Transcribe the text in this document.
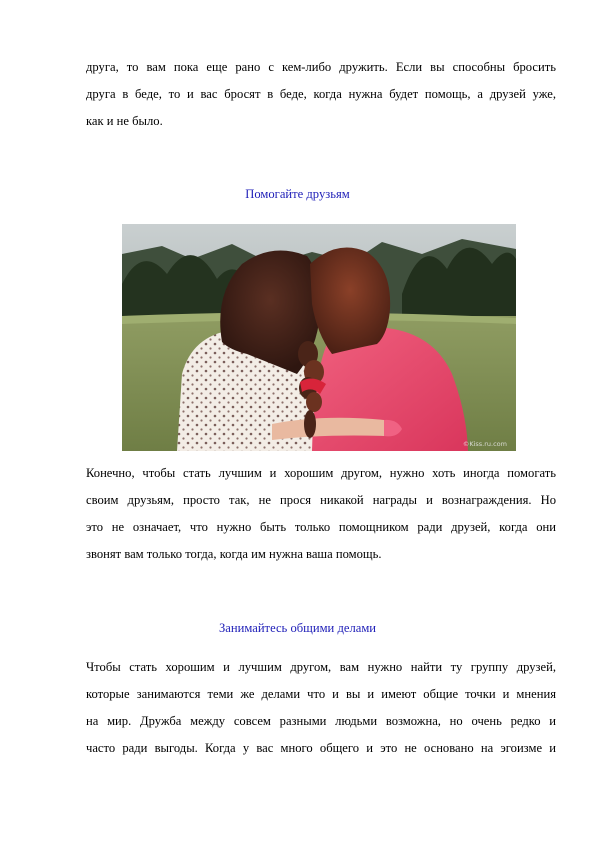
друга, то вам пока еще рано с кем-либо дружить. Если вы способны бросить
друга в беде, то и вас бросят в беде, когда нужна будет помощь, а друзей уже,
как и не было.

Помогайте друзьям
©Kiss.ru.com

Конечно, чтобы стать лучшим и хорошим другом, нужно хоть иногда помогать
своим друзьям, просто так, не прося никакой награды и вознаграждения. Но
это не означает, что нужно быть только помощником ради друзей, когда они
звонят вам только тогда, когда им нужна ваша помощь.

Занимайтесь общими делами

Чтобы стать хорошим и лучшим другом, вам нужно найти ту группу друзей,
которые занимаются теми же делами что и вы и имеют общие точки и мнения
на мир. Дружба между совсем разными людьми возможна, но очень редко и
часто ради выгоды. Когда у вас много общего и это не основано на эгоизме и
